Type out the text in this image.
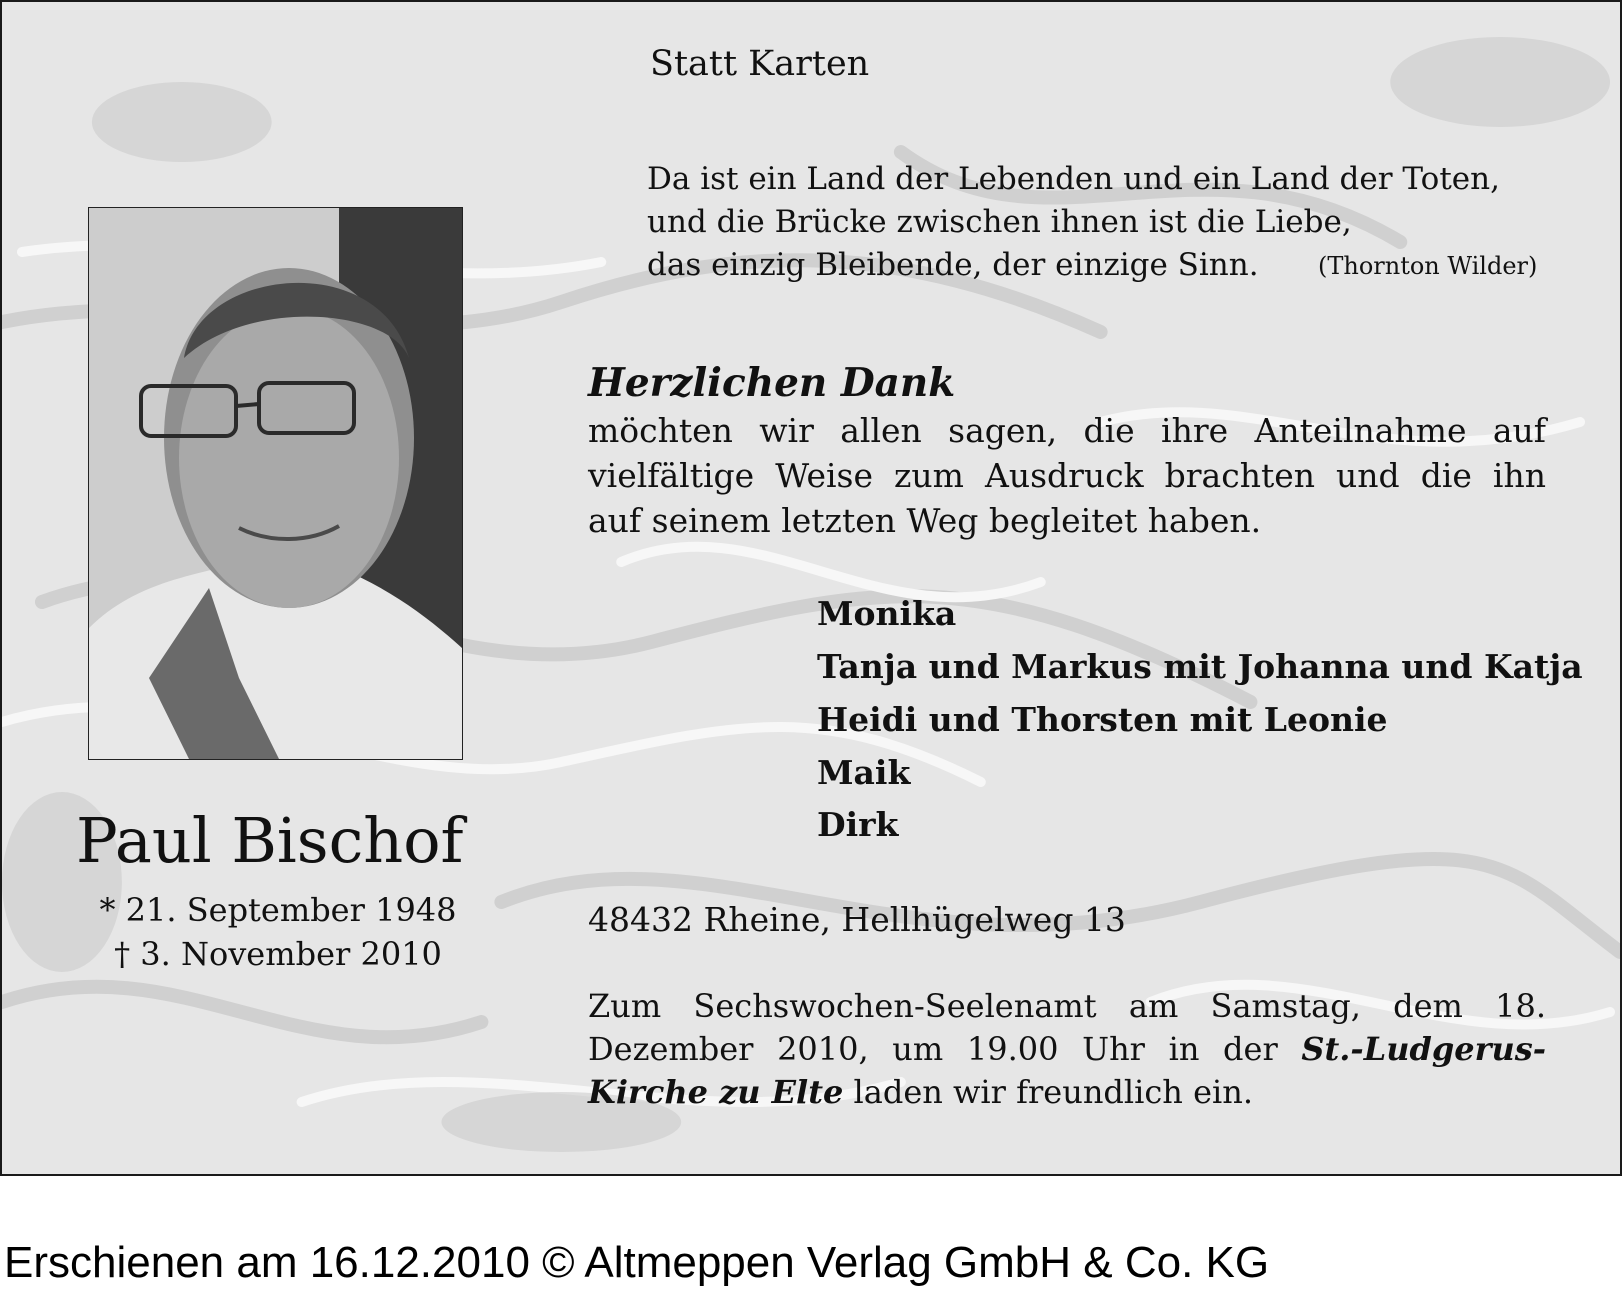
Statt Karten
Da ist ein Land der Lebenden und ein Land der Toten,
und die Brücke zwischen ihnen ist die Liebe,
das einzig Bleibende, der einzige Sinn. (Thornton Wilder)
Herzlichen Dank
möchten wir allen sagen, die ihre Anteilnahme auf
vielfältige Weise zum Ausdruck brachten und die ihn
auf seinem letzten Weg begleitet haben.
Monika
Tanja und Markus mit Johanna und Katja
Heidi und Thorsten mit Leonie
Maik
Dirk
48432 Rheine, Hellhügelweg 13
Zum Sechswochen-Seelenamt am Samstag, dem 18.
Dezember 2010, um 19.00 Uhr in der St.-Ludgerus-
Kirche zu Elte laden wir freundlich ein.
Paul Bischof
* 21. September 1948
† 3. November 2010
Erschienen am 16.12.2010 © Altmeppen Verlag GmbH & Co. KG
